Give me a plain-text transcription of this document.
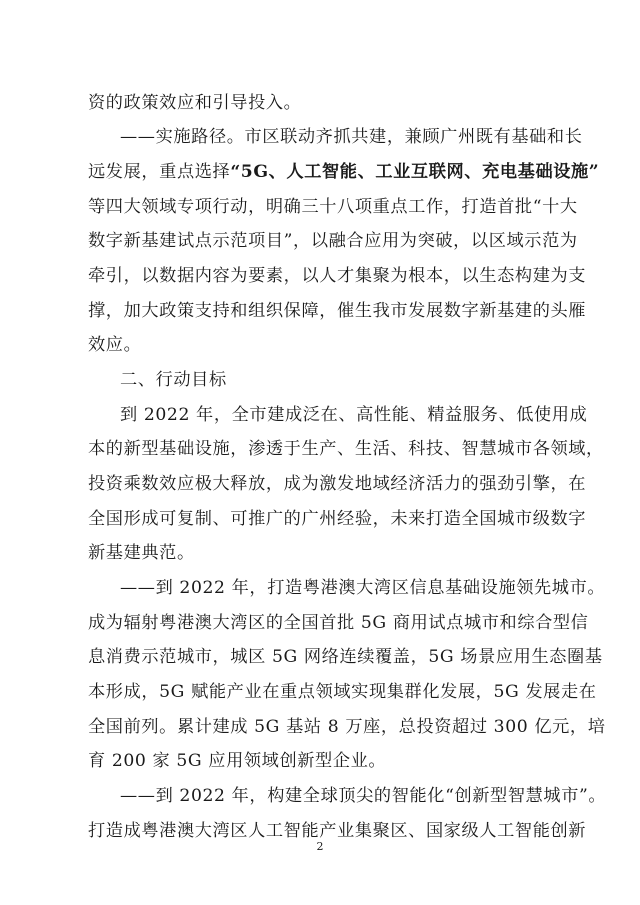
资的政策效应和引导投入。
——实施路径。市区联动齐抓共建，兼顾广州既有基础和长
远发展，重点选择“5G、人工智能、工业互联网、充电基础设施”
等四大领域专项行动，明确三十八项重点工作，打造首批“十大
数字新基建试点示范项目”，以融合应用为突破，以区域示范为
牵引，以数据内容为要素，以人才集聚为根本，以生态构建为支
撑，加大政策支持和组织保障，催生我市发展数字新基建的头雁
效应。
二、行动目标
到 2022 年，全市建成泛在、高性能、精益服务、低使用成
本的新型基础设施，渗透于生产、生活、科技、智慧城市各领域，
投资乘数效应极大释放，成为激发地域经济活力的强劲引擎，在
全国形成可复制、可推广的广州经验，未来打造全国城市级数字
新基建典范。
——到 2022 年，打造粤港澳大湾区信息基础设施领先城市。
成为辐射粤港澳大湾区的全国首批 5G 商用试点城市和综合型信
息消费示范城市，城区 5G 网络连续覆盖，5G 场景应用生态圈基
本形成，5G 赋能产业在重点领域实现集群化发展，5G 发展走在
全国前列。累计建成 5G 基站 8 万座，总投资超过 300 亿元，培
育 200 家 5G 应用领域创新型企业。
——到 2022 年，构建全球顶尖的智能化“创新型智慧城市”。
打造成粤港澳大湾区人工智能产业集聚区、国家级人工智能创新
2
